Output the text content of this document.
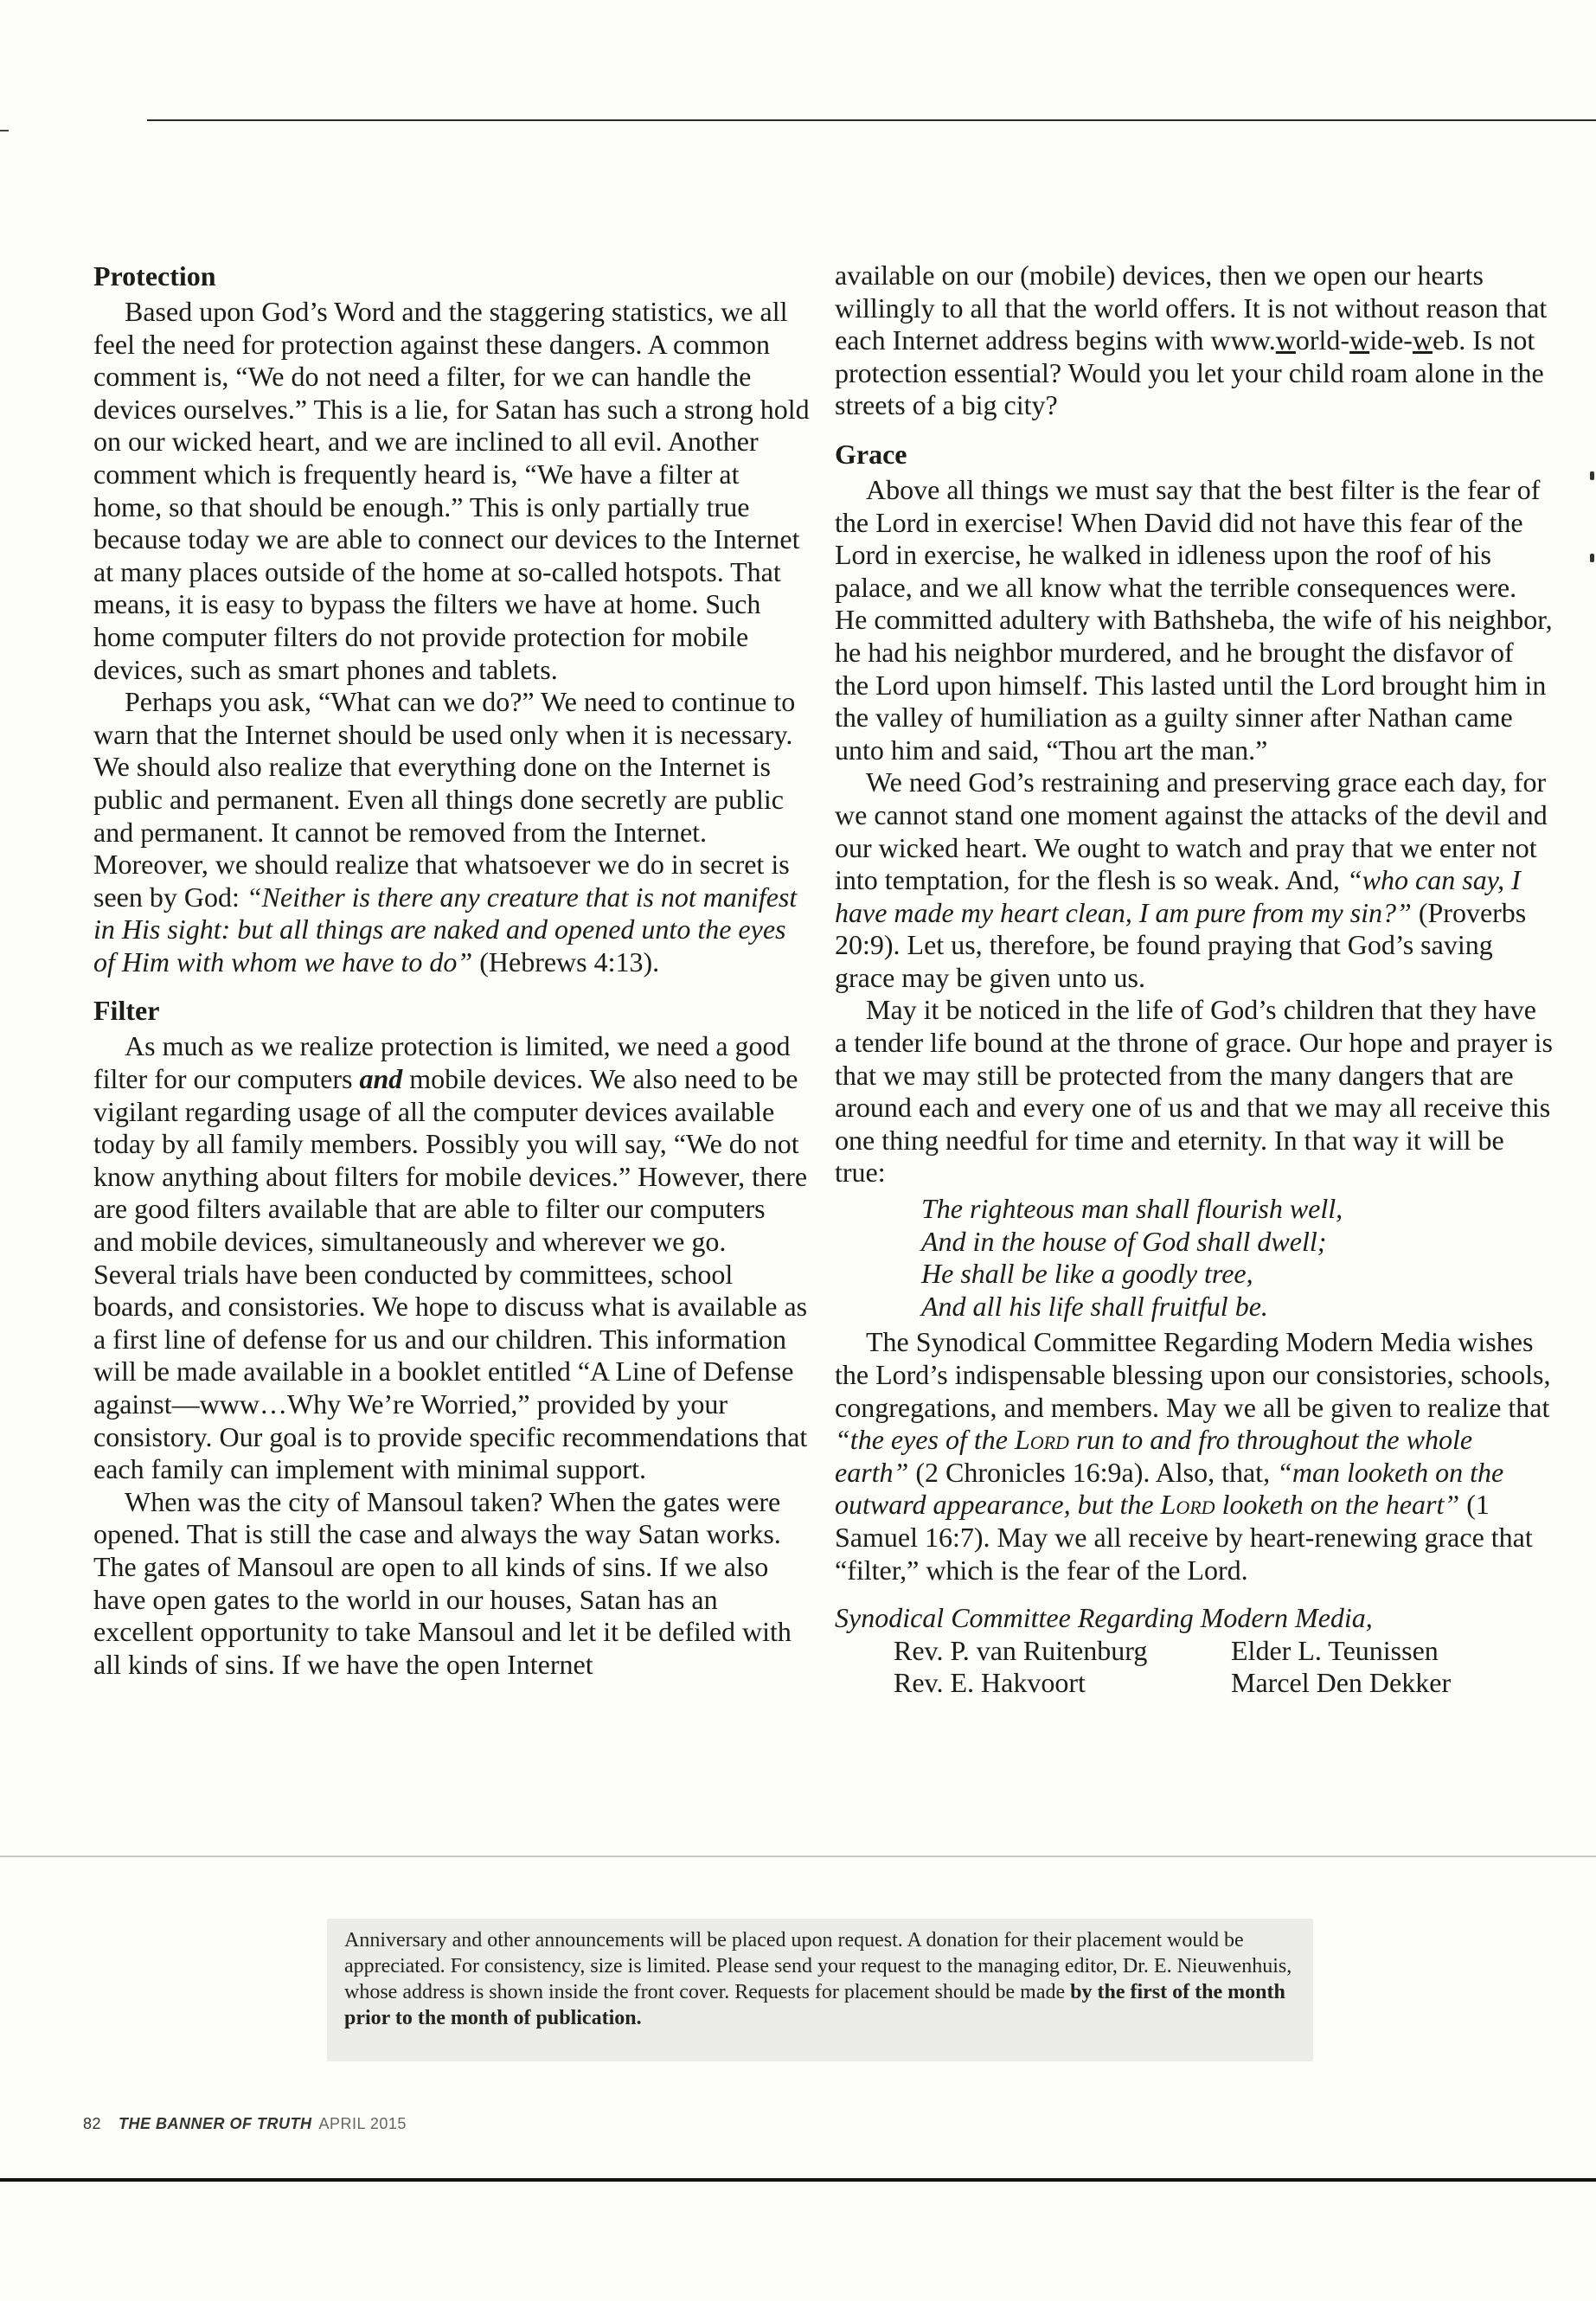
Protection

Based upon God’s Word and the staggering statistics, we all feel the need for protection against these dangers. A common comment is, “We do not need a filter, for we can handle the devices ourselves.” This is a lie, for Satan has such a strong hold on our wicked heart, and we are inclined to all evil. Another comment which is frequently heard is, “We have a filter at home, so that should be enough.” This is only partially true because today we are able to connect our devices to the Internet at many places outside of the home at so-called hotspots. That means, it is easy to bypass the filters we have at home. Such home computer filters do not provide protection for mobile devices, such as smart phones and tablets.

Perhaps you ask, “What can we do?” We need to continue to warn that the Internet should be used only when it is necessary. We should also realize that everything done on the Internet is public and permanent. Even all things done secretly are public and permanent. It cannot be removed from the Internet. Moreover, we should realize that whatsoever we do in secret is seen by God: “Neither is there any creature that is not manifest in His sight: but all things are naked and opened unto the eyes of Him with whom we have to do” (Hebrews 4:13).

Filter

As much as we realize protection is limited, we need a good filter for our computers and mobile devices. We also need to be vigilant regarding usage of all the computer devices available today by all family members. Possibly you will say, “We do not know anything about filters for mobile devices.” However, there are good filters available that are able to filter our computers and mobile devices, simultaneously and wherever we go. Several trials have been conducted by committees, school boards, and consistories. We hope to discuss what is available as a first line of defense for us and our children. This information will be made available in a booklet entitled “A Line of Defense against—www…Why We’re Worried,” provided by your consistory. Our goal is to provide specific recommendations that each family can implement with minimal support.

When was the city of Mansoul taken? When the gates were opened. That is still the case and always the way Satan works. The gates of Mansoul are open to all kinds of sins. If we also have open gates to the world in our houses, Satan has an excellent opportunity to take Mansoul and let it be defiled with all kinds of sins. If we have the open Internet

available on our (mobile) devices, then we open our hearts willingly to all that the world offers. It is not without reason that each Internet address begins with www.world-wide-web. Is not protection essential? Would you let your child roam alone in the streets of a big city?

Grace

Above all things we must say that the best filter is the fear of the Lord in exercise! When David did not have this fear of the Lord in exercise, he walked in idleness upon the roof of his palace, and we all know what the terrible consequences were. He committed adultery with Bathsheba, the wife of his neighbor, he had his neighbor murdered, and he brought the disfavor of the Lord upon himself. This lasted until the Lord brought him in the valley of humiliation as a guilty sinner after Nathan came unto him and said, “Thou art the man.”

We need God’s restraining and preserving grace each day, for we cannot stand one moment against the attacks of the devil and our wicked heart. We ought to watch and pray that we enter not into temptation, for the flesh is so weak. And, “who can say, I have made my heart clean, I am pure from my sin?” (Proverbs 20:9). Let us, therefore, be found praying that God’s saving grace may be given unto us.

May it be noticed in the life of God’s children that they have a tender life bound at the throne of grace. Our hope and prayer is that we may still be protected from the many dangers that are around each and every one of us and that we may all receive this one thing needful for time and eternity. In that way it will be true:

The righteous man shall flourish well,
And in the house of God shall dwell;
He shall be like a goodly tree,
And all his life shall fruitful be.

The Synodical Committee Regarding Modern Media wishes the Lord’s indispensable blessing upon our consistories, schools, congregations, and members. May we all be given to realize that “the eyes of the Lord run to and fro throughout the whole earth” (2 Chronicles 16:9a). Also, that, “man looketh on the outward appearance, but the Lord looketh on the heart” (1 Samuel 16:7). May we all receive by heart-renewing grace that “filter,” which is the fear of the Lord.

Synodical Committee Regarding Modern Media,
Rev. P. van Ruitenburg	Elder L. Teunissen
Rev. E. Hakvoort	Marcel Den Dekker
Anniversary and other announcements will be placed upon request. A donation for their placement would be appreciated. For consistency, size is limited. Please send your request to the managing editor, Dr. E. Nieuwenhuis, whose address is shown inside the front cover. Requests for placement should be made by the first of the month prior to the month of publication.
82 THE BANNER OF TRUTH APRIL 2015
